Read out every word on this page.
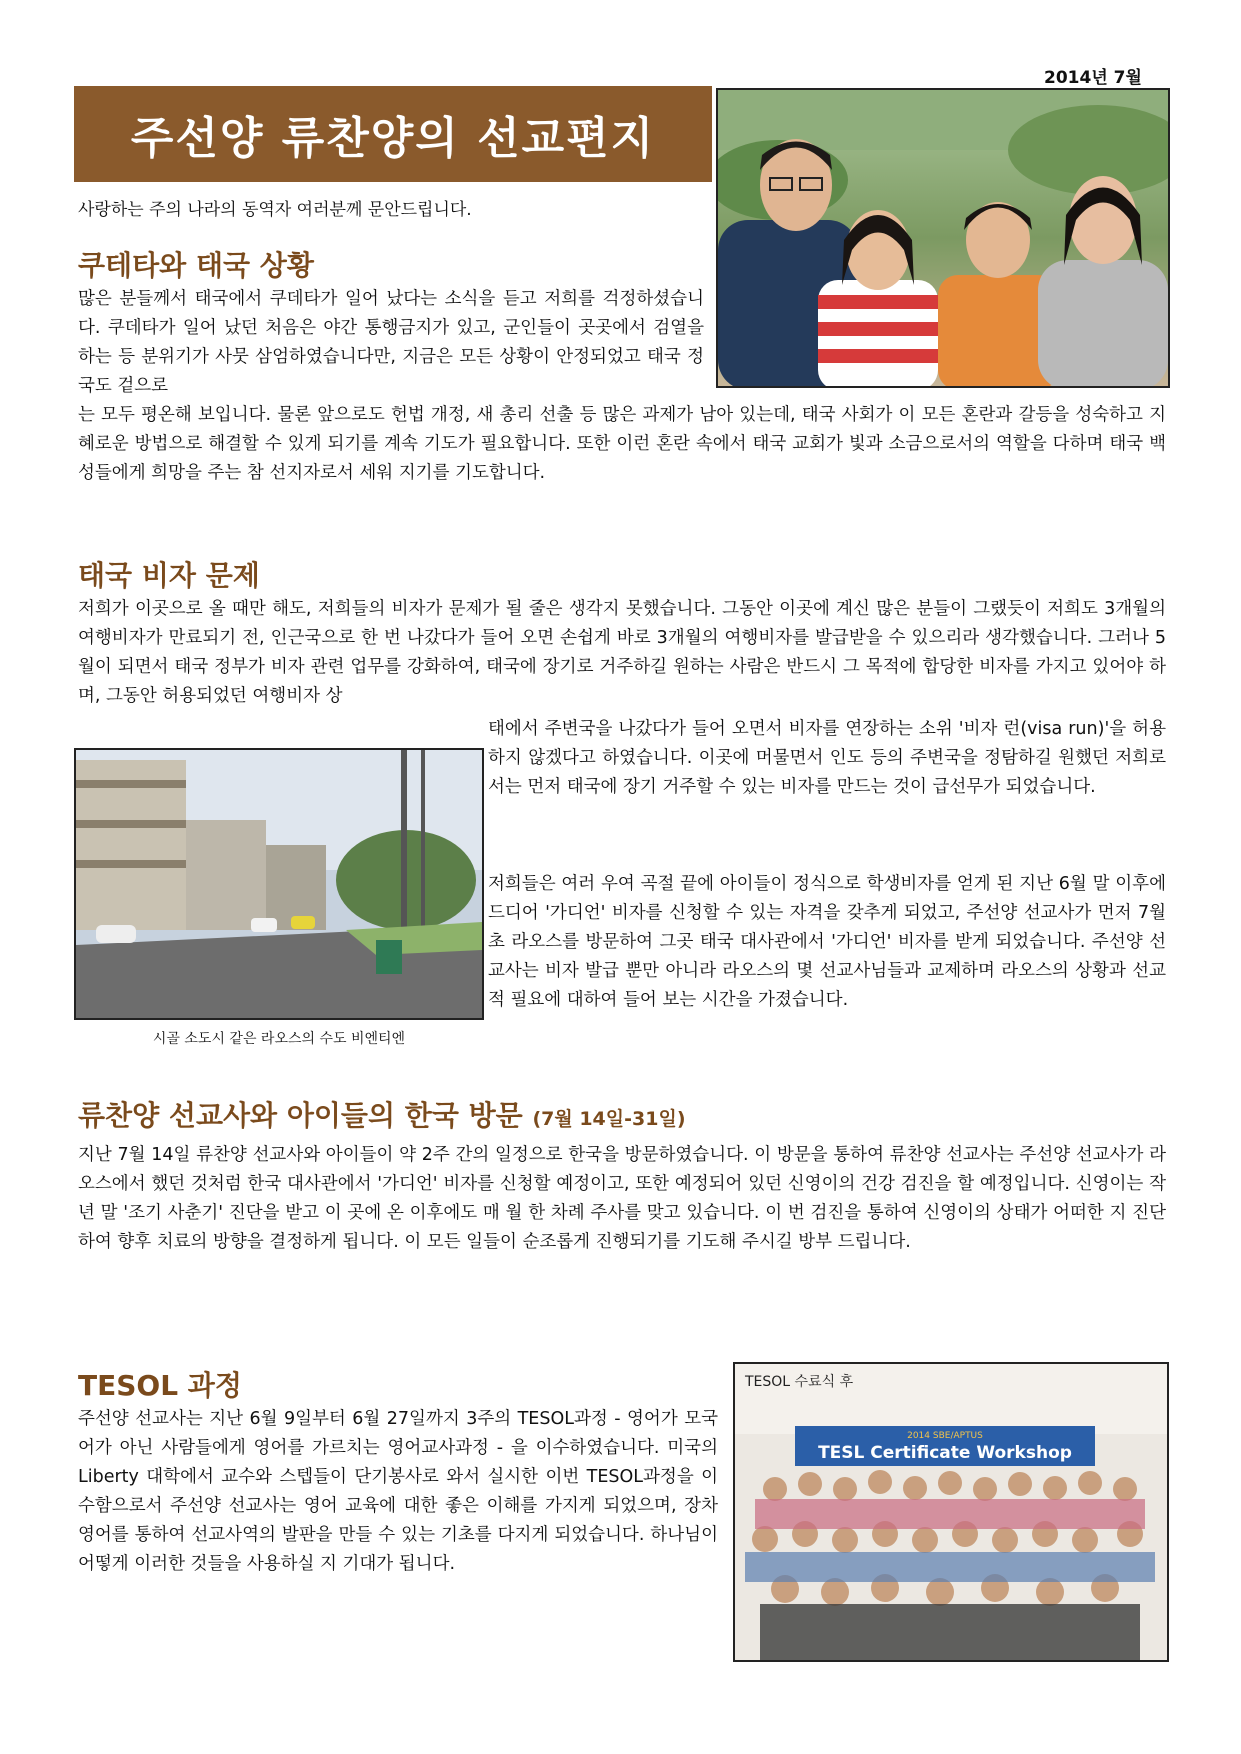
2014년 7월
주선양 류찬양의 선교편지
사랑하는 주의 나라의 동역자 여러분께 문안드립니다.
쿠테타와 태국 상황
많은 분들께서 태국에서 쿠데타가 일어 났다는 소식을 듣고 저희를 걱정하셨습니다. 쿠데타가 일어 났던 처음은 야간 통행금지가 있고, 군인들이 곳곳에서 검열을 하는 등 분위기가 사뭇 삼엄하였습니다만, 지금은 모든 상황이 안정되었고 태국 정국도 겉으로
는 모두 평온해 보입니다. 물론 앞으로도 헌법 개정, 새 총리 선출 등 많은 과제가 남아 있는데, 태국 사회가 이 모든 혼란과 갈등을 성숙하고 지혜로운 방법으로 해결할 수 있게 되기를 계속 기도가 필요합니다. 또한 이런 혼란 속에서 태국 교회가 빛과 소금으로서의 역할을 다하며 태국 백성들에게 희망을 주는 참 선지자로서 세워 지기를 기도합니다.
태국 비자 문제
저희가 이곳으로 올 때만 해도, 저희들의 비자가 문제가 될 줄은 생각지 못했습니다. 그동안 이곳에 계신 많은 분들이 그랬듯이 저희도 3개월의 여행비자가 만료되기 전, 인근국으로 한 번 나갔다가 들어 오면 손쉽게 바로 3개월의 여행비자를 발급받을 수 있으리라 생각했습니다. 그러나 5월이 되면서 태국 정부가 비자 관련 업무를 강화하여, 태국에 장기로 거주하길 원하는 사람은 반드시 그 목적에 합당한 비자를 가지고 있어야 하며, 그동안 허용되었던 여행비자 상
태에서 주변국을 나갔다가 들어 오면서 비자를 연장하는 소위 '비자 런(visa run)'을 허용하지 않겠다고 하였습니다. 이곳에 머물면서 인도 등의 주변국을 정탐하길 원했던 저희로서는 먼저 태국에 장기 거주할 수 있는 비자를 만드는 것이 급선무가 되었습니다.
저희들은 여러 우여 곡절 끝에 아이들이 정식으로 학생비자를 얻게 된 지난 6월 말 이후에 드디어 '가디언' 비자를 신청할 수 있는 자격을 갖추게 되었고, 주선양 선교사가 먼저 7월 초 라오스를 방문하여 그곳 태국 대사관에서 '가디언' 비자를 받게 되었습니다. 주선양 선교사는 비자 발급 뿐만 아니라 라오스의 몇 선교사님들과 교제하며 라오스의 상황과 선교적 필요에 대하여 들어 보는 시간을 가졌습니다.
시골 소도시 같은 라오스의 수도 비엔티엔
류찬양 선교사와 아이들의 한국 방문 (7월 14일-31일)
지난 7월 14일 류찬양 선교사와 아이들이 약 2주 간의 일정으로 한국을 방문하였습니다. 이 방문을 통하여 류찬양 선교사는 주선양 선교사가 라오스에서 했던 것처럼 한국 대사관에서 '가디언' 비자를 신청할 예정이고, 또한 예정되어 있던 신영이의 건강 검진을 할 예정입니다. 신영이는 작년 말 '조기 사춘기' 진단을 받고 이 곳에 온 이후에도 매 월 한 차례 주사를 맞고 있습니다. 이 번 검진을 통하여 신영이의 상태가 어떠한 지 진단하여 향후 치료의 방향을 결정하게 됩니다. 이 모든 일들이 순조롭게 진행되기를 기도해 주시길 방부 드립니다.
TESOL 과정
주선양 선교사는 지난 6월 9일부터 6월 27일까지 3주의 TESOL과정 - 영어가 모국어가 아닌 사람들에게 영어를 가르치는 영어교사과정 - 을 이수하였습니다. 미국의 Liberty 대학에서 교수와 스텝들이 단기봉사로 와서 실시한 이번 TESOL과정을 이수함으로서 주선양 선교사는 영어 교육에 대한 좋은 이해를 가지게 되었으며, 장차 영어를 통하여 선교사역의 발판을 만들 수 있는 기초를 다지게 되었습니다. 하나님이 어떻게 이러한 것들을 사용하실 지 기대가 됩니다.
TESOL 수료식 후
2014 SBE/APTUS
TESL Certificate Workshop
